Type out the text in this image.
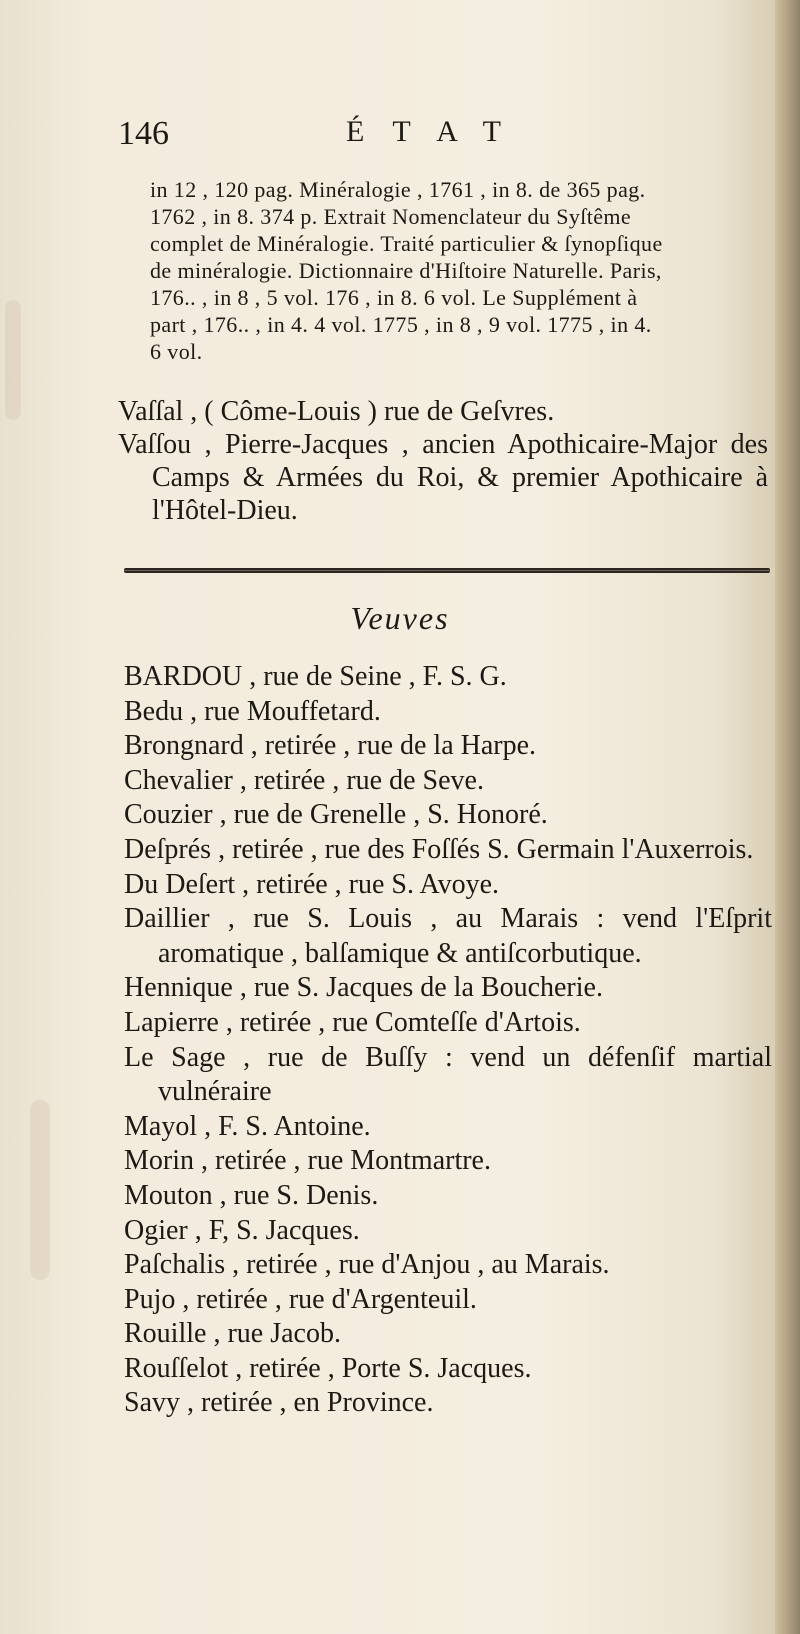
146	ÉTAT

in 12 , 120 pag. Minéralogie , 1761 , in 8. de 365 pag.

1762 , in 8. 374 p. Extrait Nomenclateur du Syſtême

complet de Minéralogie. Traité particulier & ſynopſique

de minéralogie. Dictionnaire d'Hiſtoire Naturelle. Paris,

176.. , in 8 , 5 vol. 176 , in 8. 6 vol. Le Supplément à

part , 176.. , in 4. 4 vol. 1775 , in 8 , 9 vol. 1775 , in 4.

6 vol.

Vaſſal , ( Côme-Louis ) rue de Geſvres.

Vaſſou , Pierre-Jacques , ancien Apothicaire-Major des Camps & Armées du Roi, & premier Apothicaire à l'Hôtel-Dieu.

Veuves

BARDOU , rue de Seine , F. S. G.

Bedu , rue Mouffetard.

Brongnard , retirée , rue de la Harpe.

Chevalier , retirée , rue de Seve.

Couzier , rue de Grenelle , S. Honoré.

Deſprés , retirée , rue des Foſſés S. Germain l'Auxerrois.

Du Deſert , retirée , rue S. Avoye.

Daillier , rue S. Louis , au Marais : vend l'Eſprit aromatique , balſamique & antiſcorbutique.

Hennique , rue S. Jacques de la Boucherie.

Lapierre , retirée , rue Comteſſe d'Artois.

Le Sage , rue de Buſſy : vend un défenſif martial vulnéraire

Mayol , F. S. Antoine.

Morin , retirée , rue Montmartre.

Mouton , rue S. Denis.

Ogier , F, S. Jacques.

Paſchalis , retirée , rue d'Anjou , au Marais.

Pujo , retirée , rue d'Argenteuil.

Rouille , rue Jacob.

Rouſſelot , retirée , Porte S. Jacques.

Savy , retirée , en Province.
